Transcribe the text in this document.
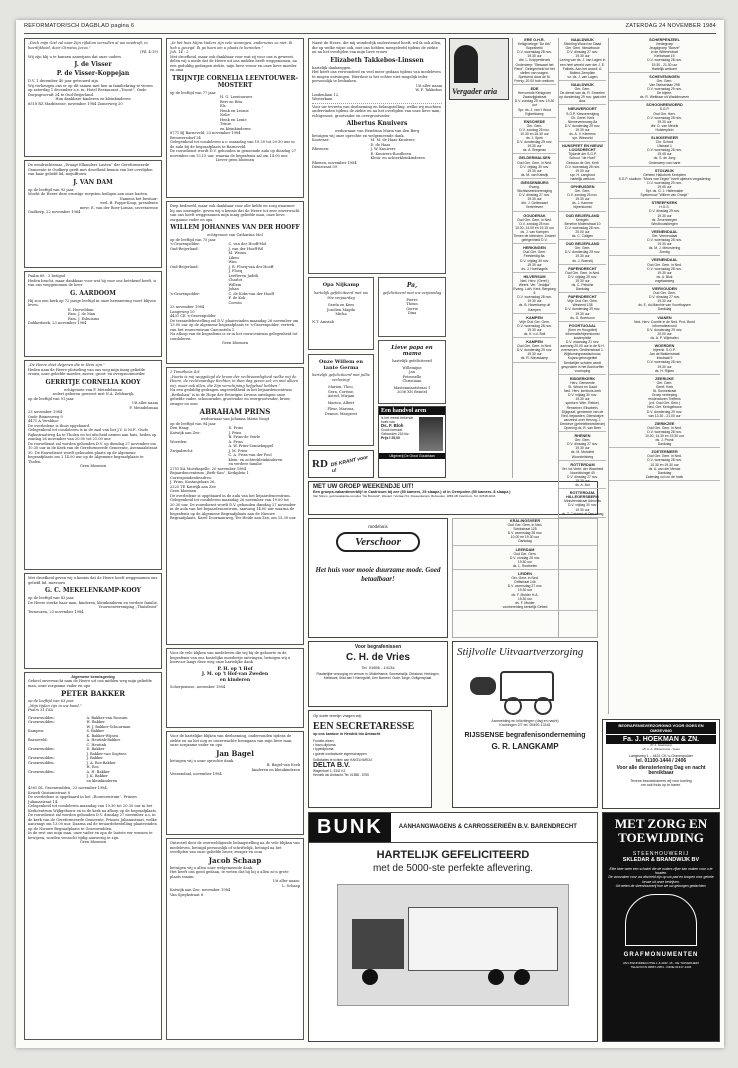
REFORMATORISCH DAGBLAD pagina 6	ZATERDAG 24 NOVEMBER 1984
„Doch mijn God zal naar Zijn rijkdom vervullen al uw noodruft, in heerlijkheid, door Christus Jezus.”
(Fil. 4:19)
Wij zijn blij u te kunnen aanwijzen dat onze ouders
J. de Visser
P. de Visser-Koppejan
D.V. 1 december 40 jaar getrouwd zijn.
Wij verheugen ons er op dit samen met hen in familiekring te vieren op zaterdag 1 december a.s. in: Hotel Restaurant „Troost”, Oude Dorpsgrocraft 24 te Oud-Beijerland.
Hun dankbare kinderen en kleinkinderen
6518 RZ Marktsesse, november 1984 Zomerweg 20
De eendrachtsraas „Draagt Elkanders Lasten” der Gereformeerde Gemeente te Oudkerp geeft met droefheid kennis van het overlijden van haar geliefd lid, mejuffrouw
J. VAN DAM
op de leeftijd van 92 jaar.
Moeht de Heere deze ernstige roepsten heiligen aan onze harten.
Namens het bestuur:
wed. B. Poppe-Koop, presidente
mevr. E. van der Boer-Lomas, secretaresse
Oudkerp, 22 november 1984
Psalm 68 : 2 betigsd
Heden bracht, maar dankbaar voor wat hij voor ons betekend heeft, is van ons weggenomen de heer
G. AARDOOM
Hij zou een kerk op 72 jarige leeftijd in onze herinnering voort blijven leven.
E. Hoeveldam
Fam. J. de Man
Fam. J. Eshuismo
Dokkerbeek, 23 november 1984
„De Heere doet degenen die in Hem zijn.”
Heden nam de Heere plotseling van ons weg mijn innig geliefde vrouw, onze geliefde moeder, zuster, groot- en overgrootmoeder
GERRITJE CORNELIA KOOY
echtgenote van F. Meindelsmaa
sedert geboren geweest met N.A. Zeldenrijk
op de leeftijd van 91 jaar.
Uit aller naam
F. Meindelsmaa
23 november 1984
Oude Binnenweg 9
4471 A Yerskhoe
De overledene is thuis opgebaard.
Gelegenheid tot condoleren is in de zaal van het J.V. & M.F., Oude Rijksstraatweg 4a te Tholen en tot afscheid nemen aan huis, heden op zondag 26 november van 20.00 tot 21.00 uur.
De rouwdienst zal worden gehouden D.V. op dinsdag 27 november om 10.30 uur in de Kerk van de Gereformeerde Gemeente, Avennaalstraat 30. De Rouwdienst wordt gehouden plaats op de algemene begraafplaats om 2 14.00 uur op de Algemene begraafplaats te Tholen.
Geen bloemen
Met droefheid geven wij u kennis dat de Heere heeft weggenomen ons geliefd lid, mevrouw
G. C. MEKELENKAMP-KOOY
op de leeftijd van 83 jaar.
De Heere sterke haar man, kinderen, kleinkinderen en verdere familie.
Vrouwenvereniging „Thuisfront”
Terneuzen, 23 november 1984
Algemene kennisgeving
Geheel onverwacht nam de Heere uit ons midden weg mijn geliefde man, onze zorgzame vader en opa
PETER BAKKER
op de leeftijd van 63 jaar.
„Mijn tijden zijn in uw hand.”
Psalm 31:16A
Groenwudden:	A. Bakker-van Rossum
Groenwudden:	H. Bakker
W. J. Bakker-Schuurman
Kampen:	S. Bakker
K. Bakker-Wijnen
Barneveld:	A. Heutink-Bakker
C. Heutink
Groenwudden:	D. Bakker
J. Bakker-van Sogtens
Groenwudden:	J. Bakker
Groenwudden:	J. A. Ros-Bakker
H. Ros
Groenwudden:	A. H. Bakker
J. K. Bakker
en kleinkinderen
4361 DL Groenwudden, 23 november 1984.
Keizeli Onstantstraat 8
De overledene is opgebaard in het „Rouwcentrum”, Prinses Julianastraat 14.
Gelegenheid tot condoleren maandag van 19.30 tot 20.30 uur in het Kerkcentrum Wijkgebouw en in de kerk na afloop op de begraafplaats.
De rouwdienst zal worden gehouden D.V. dinsdag 27 november a.s. in de kerk van de Gereformeerde Gemeente, Prinses Julianastraat, welke aanvangt om 13.00 uur. Daarna zal de teraardebestelling plaatsvinden op de Nieuwe Begraafplaats te Groenwudden.
In de rest ons mijn man, onze vader en opa de laatste eer wensen te bewijzen, worden verzocht tijdig aanwezig te zijn.
Geen bloemen
„In het huis Mijns Vaders zijn vele woningen, anderszins zo niet. Ik heb u gezegd: Ik ga heen om u plaats te bereiden.”
Joh. 14 : 2
Met droefheid, maar ook dankbaar voor wat zij voor ons is geweest, delen wij u mede dat de Heere uit ons midden heeft weggenomen, na een geduldig gedragen ziekte, mijn lieve vrouw en onze lieve moeder en oma
TRIJNTJE CORNELIA LEENTOUWER-MOSTERT
op de leeftijd van 77 jaar.
H. G. Leentouwer
Bert en Rita
Els
Henk en Leonie
Nelie
Henk en Lenie
Trinie
en kleinkinderen
8771 BJ Barneveld, 23 november 1984
Brouwersdorf 24
Gelegenheid tot condoleren a.s. maandag van 19.30 tot 20.30 uur in de aula bij de begraafplaats te Barneveld.
De rouwdienst wordt D.V. gehouden in genoemde aula op dinsdag 27 november om 13.15 uur, waarna de begrafenis zal om 14.00 uur.
Liever geen bloemen
Diep bedroefd, maar ook dankbaar voor alle liefde en zorg waarmee hij ons omringde, geven wij u kennis dat de Heere tot zeer onverwacht van ons heeft weggenomen mijn innig geliefde man, onze lieve zorgzame vader en opa
WILLEM JOHANNES VAN DER HOOFF
echtgenoot van Catharina Mol
op de leeftijd van 75 jaar.
's-Gravenpolder:	C. van der Hooff-Mol
Oud-Beijerland:	J. van der Hooff-Bil
M. Weens
Liken
Wim
Oud-Beijerland:	J. R. Floeq-van der Hooff
J. Floeq
Leefteren Judith
Charlot
Willem
Johan
's-Gravenpolder:	C. de Koks-van der Hooff
F. de Kok
Corwin
23 november 1984
Langeweg 10
4431 CE 's-Gravenpolder
De teraardebestelling zal D.V. plaatsvinden maandag 26 november om 13.00 uur op de algemene begraafplaats te 's-Gravenpolder, vertrek van het rouwcentrum Caeonsteln 1.
Na afloop van de begrafenis is er in het rouwcentrum gelegenheid tot condoleren.
Geen bloemen
2 Timotheüs 4:8
„Voorts is mij weggelegd de kroon der rechtvaardigheid welke mij de Heere, de rechtvaardige Rechter, in dien dag geven zal; en niet alleen mij, maar ook allen, die Zijn verschijning liefgehad hebben.”
Na een geduldig gedragen ongesteldheid in het bejaardencentrum „Bethshan” is in de Hope des Eeuwigen Levens ontslapen onze geliefde vader, schoonvader, grootvader en overgrootvader, broer, zwager en oom
ABRAHAM PRINS
weduwnaar van Johanna Maria Voogt
op de leeftijd van 94 jaar.
Den Haag:	D. Prins
Katwijk aan Zee:	J. Prins
B. Prins-de Veirle
Woerden:	A. Prins
A. W. Prins-Sonnekuppel
Zwijndrecht:	J. M. Prins
C. A. Prins-van der Pool
klein- en achterkleinkinderen
en verdere familie
2751 EA Moerkapelle, 20 november 1984
Bejaardencentrum „Beth-San”, Kerkplein 1
Correspondentieadres:
J. Prins, Kastanjelaan 26,
2225 TE Katwijk aan Zee
Geen bloemen
De overledene is opgebaard in de aula van het bejaardencentrum. Gelegenheid tot condoleren maandag 26 november van 19.00 tot 20.30 uur. De rouwdienst wordt D.V. gehouden dinsdag 27 november in de aula van het bejaardencentrum, aanvang 14.00 uur waarna de begrafenis op de Algemene Begraafplaats aan de Nieuwe Begraafplaats, Karel Doormanweg, Ter Heide aan Zee, om 15.30 uur.
Voor de vele blijken van medeleven die wij bij de geboorte in de begrafenis van ons kostelijke moedertje ontvingen, betuigen wij u hiervoor langs deze weg onze hartelijke dank.
P. H. op 't Hof
J. M. op 't Hof-van Zweden
en kinderen
Scherpenisse, november 1984
Voor de hartelijke blijken van deelneming, ondervonden tijdens de ziekte en na het nog zo onverwachte heengaan van mijn lieve man, onze zorgzame vader en opa
Jan Bagel
betuigen wij u onze oprechte dank.
B. Bagel-van Eeek
kinderen en kleinkinderen
Veenendaal, november 1984
Ontroerd door de overweldigende belangstelling na de vele blijken van medeleven, betuigd persoonlijk of schriftelijk, betuigd na het overlijden van onze geliefde broer, zwager en oom
Jacob Schaap
betuigen wij u allen onze welgemeende dank.
Het heeft ons goed gedaan, te weten dat hij bij u allen zo'n grote plaats innam.
Uit aller naam:
L. Schaap
Katwijk aan Zee, november 1984
Van Speykstraat 6
Naast de Heere, die mij wonderlijk ondersteund heeft, wil ik ook allen, die op welke wijze ook, met ons hebben meegeleefd tijdens de ziekte en na het overlijden van mijn lieve vrouw
Elizabeth Takkebos-Linssen
hartelijk dankzeggen.
Het heeft ons verwonderd en veel meer gedaan tijdens van medeleven te mogen ontvangen. Hierdoor is het echter niet mogelijk ieder persoonlijk te bedanken.
Uit aller naam
W. F. Takkebos
Lindenlaan 12,
Westerkam
Voor uw tevreën van deelneming en belangstelling, welke wij mochten ondervinden tijdens de ziekte en na het overlijden van onze lieve man, echtgenoot, grootvader en overgrootvader
Albertus Knuivers
weduwnaar van Hendrina Maria van den Berg
betuigen wij onze oprechte en welgemeende dank.
Kootensr:	M. M. de Haas-Knuivers
D. de Haas
Rheenen:	J. W. Knuivers
E. Knuivers-Roodbeen
Klein- en achterkleinkinderen
Rhenen, november 1984
Dienstraat 59
Opa Nijkamp
hartelijk gefeliciteerd met uw 90e verjaardag
Gerda en Kees
Joselien Magda
Micha
N.T. Amstab
Pa,
gefeliciteerd met uw verjaardag
Pierre
Theun
Gerrie
Dina
Onze Willem en tante Germa
hartelijk gefeliciteerd met jullie verloving!
Marion, Theo,
Gera, Corrine,
Astrid, Mirjam
Marion, Albert
Fleur, Marissa,
Dennis, Margreet
Lieve papa en mama
hartelijk gefeliciteerd
Willemijne
Jan
Petronelle
Christiaan
Mastenmaatstraat 1
2036 XN Beintel
Een handvol aren
is het meest bekende boek van
Ds. F. Bloh
Groot formaat. Gebonden 216 blz.
Prijs f 25,00
Uitgeverij De Groot Goudriaan
RD DE KRANT voor u!
MET UW GROEP WEEKENDJE UIT!
Een groeps-vakantieverblijf in Castricum bij zee (50 kamers, 25 slaapz.) of in Oerepolen (50 kamers. 8 slaapz.)
Van Stirum, gezinsvakantie-complex "De Bosrand", Westert / Verlaan 54, Dossenkamps. Behouden. 1884 AB Castricum. Tel. 02518-4044
Vergader aria
modehuis
Verschoor
Het huis voor mooie duurzame mode. Goed betaalbaar!
Voor begrafenissen
C. H. de Vries
Tel. 01656 - 14134
Plaatselijke verzorging en vervoer in: Middelharnis, Sommelsdijk, Dirksland, Herkingen, Melissant, Stad aan 't Haringvliet, Den Bommel, Oude-Tonge, Ooltgensplaat.
Op korte termijn vragen wij:
EEN SECRETARESSE
op ons kantoor in Hendrik Ido Ambacht
Functie-eisen:
• havo-diploma
• typediploma
• goede contactuele eigenschappen
Sollicitaties te richten aan HAKELHARDIJ
DELTA B.V.
Wagenboel 1, 3341 KZ
Hendrik Ido Ambacht. Tel. 01858 - 6755
BUNK	AANHANGWAGENS & CARROSSERIEËN B.V. BARENDRECHT
HARTELIJK GEFELICITEERD
met de 5000-ste perfekte aflevering.
Stijlvolle Uitvaartverzorging
Aanmelding en inlichtingen (dag en nacht)
Kruiningen 2/7 tel. 05490-13181
RIJSSENSE begrafenisonderneming
G. R. LANGKAMP
BEGRAFENISVERZORGING VOOR GOES EN OMGEVING
Fa. J. HOEKMAN & ZN.
(P. J. Hoekman)
v/h A. A. Wintermans - Goes
Langeweg 1 – 4431 CK 's-Gravenpolder
tel. 01100-1444 / 2406
Voor alle diensterlening Dag en nacht bereikbaar
Tevens bezoekkamers wij voor koeling
om ook thuis op te baren.
MET ZORG EN TOEWIJDING
STEENHOUWERIJ
SKLEDAR & BRANDWIJK BV
Elke keer weer een schakel die de ouders rijker kan maken voor u te houden.
De voorzaken voor uw afscheid zijn op uw pad en koopen voor gehele keuze uit onze bedrijven.
Uit weten de steenhouwerij hoe we uw geborgen gedachten.
GRAFMONUMENTEN
VAN ZWIJNDRECHTSE 1 & ADR. 16 - DE 'NIJVERHEID'
TELEFOON 06867-2954 - INDIE 01317-1446
ERE O.H.R.
Kelkgroeiege "De Ark"
Boprabelst
D.V. woensdag 28 nov.
19.30 uur
dhr. L. Knippenbroek
Onderwerp: "Bewaart het Pand". Gelegenheid tot het stellen van vragen. Sprekend doos de M. Frersy, 20.00 toch welkom.
EDE
Hervormde Kerkgroen Zwanzijgkstraat
D.V. zondag 25 nov. 19.30 uur
Spr. ds. J. van 't Wout
Egbertkamp
ENSCHEDE
Ger. Gem.
D.V. zondag 25 nov.
10.30 en 16.30 uur
ds. J. Spek
D.V. donderdag 29 nov.
19.30 uur
ds. A. Bregman
GELDERMALSEN
Oud Ger. Gem. in Ned.
D.V. vrijdag 30 nov.
19.30 uur
ds. M. van Katwijk
GIESSENBURG
Evang. Stichtsewerkvereniging
D.V. dinsdag 27 nov.
19.30 uur
dhr. J. Gellewaart
Verterleven
GOUDERAK
Oud Ger. Gem. in Ned.
D.V. zondag 25 nov.
10.00, 14.00 en 19.15 uur
ds. J. van Kampen
Tienen de kleinsten. Zoweel
gelegenheid D.V.
HERKINGEN
Oud Ger. Gem.
Feesterdig 8a.
D.V. vrijdag 30 nov.
19.30 uur
ds. J. Hoefnagels
HILVERSUM
Ned. Herv. (Geref.)
Weerk. Ver. "Jeddjia"
Evang. Luth. Kerk, Bergweg 6
D.V. woensdag 28 nov.
19.30 uur
ds. B. Haverkamp uit Kampen
KAMPEN
Vrije Oud Ger. Gem.
D.V. woensdag 28 nov.
19.30 uur
ds. K. v.d. Bolt
KAMPEN
Oud Ger. Gem. in Ned.
D.V. donderdag 29 nov.
19.30 uur
ds. R. Nieuwkamp
NAALDWIJK
Stichting Woord en Daad
Ger. Gem. Nieuwbouw
D.V. dinsdag 27 nov.
19.30 uur
Lezing van ds. J. van Lagen in een heel wereld over der J. E. Faibels. Aan het woord: A. Balleur-Zemplien
vz: ds. J. van Lagen
NAALDWIJK
Ger. Gem.
De dienst van ds. R. Smeelen op donderdag 29 nov. gaat niet door.
NIEUWEROORT
S.G.P. Kiesvereniging
Cfr. Geref. Kerk
Niemeverenweg 8a
D.V. donderdag 29 nov.
19.30 uur
ds. A. V. Kiemens
spr. Wiesveld
NUNSPEET EN NIEUW LOOSDRECHT
Tijdorde der S.G.P.
School. "de Hoef"
Gebouw de Oer. Kerk
D.V. woensdag 28 nov.
19.30 uur
spr. H. Langhout
hartelijk welkom
OPHEUSDEN
Ger. Gem.
D.V. zondag 25 nov.
19.30 uur
ds. J. Kamme
bijeenkomst
OUD BEIJERLAND
Kerkgeb.
Benefon Molenstraat 10
D.V. woensdag 28 nov.
20.00 uur
ds. C. Caligen
OUD BEIJERLAND
Ger. Gem.
D.V. donderdag 29 nov.
19.30 uur
ds. J. Boerstij
PAPENDRECHT
Oud Ger. Gem. in Ned.
D.V. vrijdag 29 nov.
19.30 uur
ds. C. Pelsche
Dankdag
PAPENDRECHT
Vrije Oud Ger. Gem.
Westend 138
D.V. donderdag 29 nov.
19.30 uur
ds. G. Boerkoon
POORTUGAAL
(Kern en Hoogvliet)
Informatie/bijeenkomst kosterpleite
D.V. maandag 21 nov.
aanvang 20.00 uur in de N.H. evenveven. Gedirenstraat 1.
Wijkkoningsraadschouw, Kujara geheugetitel
Denkelijke scholen wordt gesproken in het Bonhoeffer voorloping
RIDDERKERK
Herv. Gemeente
St. Woord en Daad
Ned. Herv. kerkhuis-kerk
D.V. vrijdag 30 nov.
19.30 uur
spreken: Wim. Rekkel, Renselver, Elisabeth, Dijkgraaf, gemeente van de Ned. bejaarden, Dienstwijze vanzeind over Herzog. J. Denkeve (gehelelbetvedende)
Opening ds. R. van Beer
RHENEN
Ger. Gem.
D.V. dinsdag 27 nov.
19.30 uur
ds. M. Mondeel
Woorzielsberg
ROTTERDAM
Ver. tot Verbr. der Waarheid
Noorddsingel 40
D.V. dinsdag 27 nov.
19.30 uur
ds. A. Bot
ROTTERDAM-HILLEGERSBERG
Ministrentstraat Adrichtis
D.V. vrijdag 30 nov.
19.30 uur
ds. T. Cabaret uit Den Haag
SCHERPENZEEL
Vredegroep
Jeugdgroep "Boeze"
in de Witterenboel
Kerkstraat 19
D.V. woensdag 28 nov.
19.30 - 21.30 uur
Hartelijk welkom!
SCHEVENINGEN
Ger. Gem.
Van Taelserlaan 298
D.V. woensdag 29 nov.
De bijeen.
ds. R. Welthaar uit Waddinxveen
SCHOONREWOERD
S.G.P.
Oud Ger. Herv.
D.V. woensdag 28 nov.
19.30 uur
dhr. D. van Meurik
Huisterplein
SLIKKERVEER
Chr. School
IJlstraat 1
D.V. woensdag 28 nov.
19.45 uur
ds. S. de Jong
Onderwerp van harte
STOLWIJK
Geheen Hakoborb Kerkplein
S.G.P. studium: "Moes van Zegen" heeft ujteisen vergadering
D.V. woensdag 29 nov.
19.45 uur
Spr. ds. G. J. Hellemaker
Spekernuw "Willem van Oranje"
STREEFKERK
H.G.S.
D.V. dinsdag 29 nov.
19.30 uur
ds. Zevenbergen
Windhoutsbergen
VEENENDAAL
Ger. Veenendaal
D.V. woensdag 28 nov.
19.30 uur
ds. M. J. Meurslering
Zondig
VEENENDAAL
Oud Ger. Gem. in Ned.
D.V. woensdag 28 nov.
19.30 uur
ds. A. Blok
vogelaarweg
VIERVOUDEN
Oud Ger. Gem.
D.V. dinsdag 27 nov.
19.30 uur
ds. E. du Marchie van Voorthuysen
Dankdag
VIANEN
Ned. Herv. Comité in de Ned. Prot. Bond
Informatieavond
D.V. donderdag 29 nov.
20.00 uur
ds. A. P. Wijnhalen
WOERDEN
bijeenk. S.G.P.
Jan de Bakkerstraat
Irisstraat 9
D.V. woensdag 28 nov.
19.30 uur
ds. H. Rijken
ZEERIJKE
Ger. Gem.
Geref. Kerk
St. Sonnestraat
Groep verbeping
moderatoren Treffens
(v.d. Oud Ger. Gem.)
Ned. Ger. Kerkgebouw
D.V. donderdag 29 nov.
van 13.30 - 21.00 uur
ZIERIKZEE
Oud Ger. Gem. in Ned.
D.V. woensdag 28 nov.
10.00, 14.30 en 19.30 uur
ds. J. Pronk
Dankdag
ZOETERMEER
Oud Ger. Gem. in Ned.
D.V. woensdag 28 nov.
10.30 en 19.30 uur
ds. A. van der Merwe
Dankdag
Zaterdag vol ovr de hoek
KRALINGSVEER
Oud Ger. Gem. in Ned.
Schikstraat 125
D.V. woensdag 28 nov.
10.00 en 19.30 uur
Dankdag
LEERDAM
Oud Ger. Gem.
D.V. zondag 25 nov.
19.30 uur
ds. L. Rootkelen
LEIDEN
Ger. Gem. in Ned.
Driftstraat 14b
D.V. woensdag 27 nov.
19.30 uur
ds. F. Mulder H.A.
15.30 uur
ds. F. Mulder
voorbereiding kerkelijk Gebed
